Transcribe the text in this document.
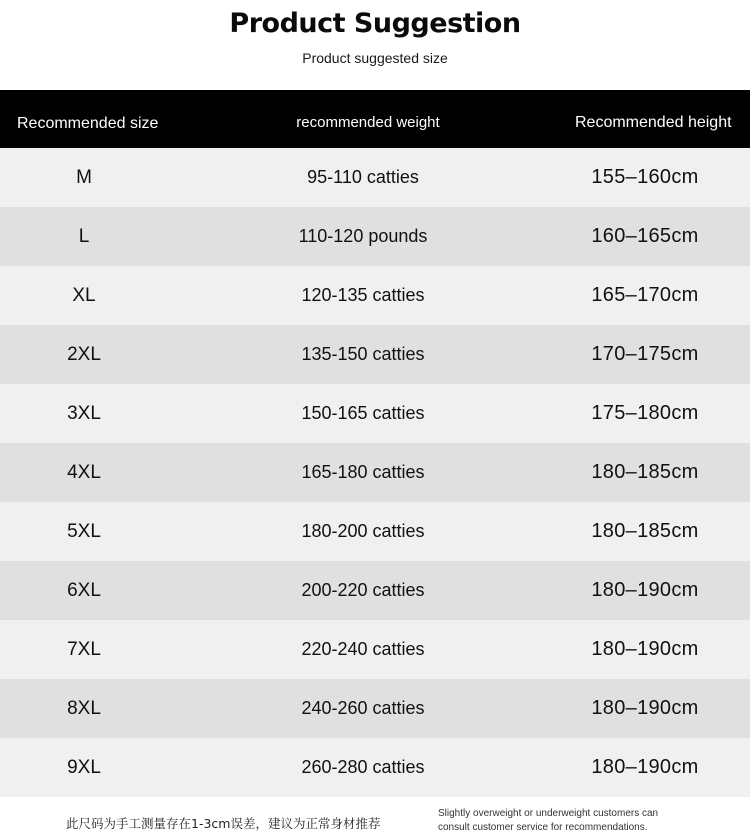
Product Suggestion
Product suggested size
Recommended size	recommended weight	Recommended height
M	95-110 catties	155–160cm
L	110-120 pounds	160–165cm
XL	120-135 catties	165–170cm
2XL	135-150 catties	170–175cm
3XL	150-165 catties	175–180cm
4XL	165-180 catties	180–185cm
5XL	180-200 catties	180–185cm
6XL	200-220 catties	180–190cm
7XL	220-240 catties	180–190cm
8XL	240-260 catties	180–190cm
9XL	260-280 catties	180–190cm
此尺码为手工测量存在1-3cm误差，建议为正常身材推荐
Slightly overweight or underweight customers can consult customer service for recommendations.
